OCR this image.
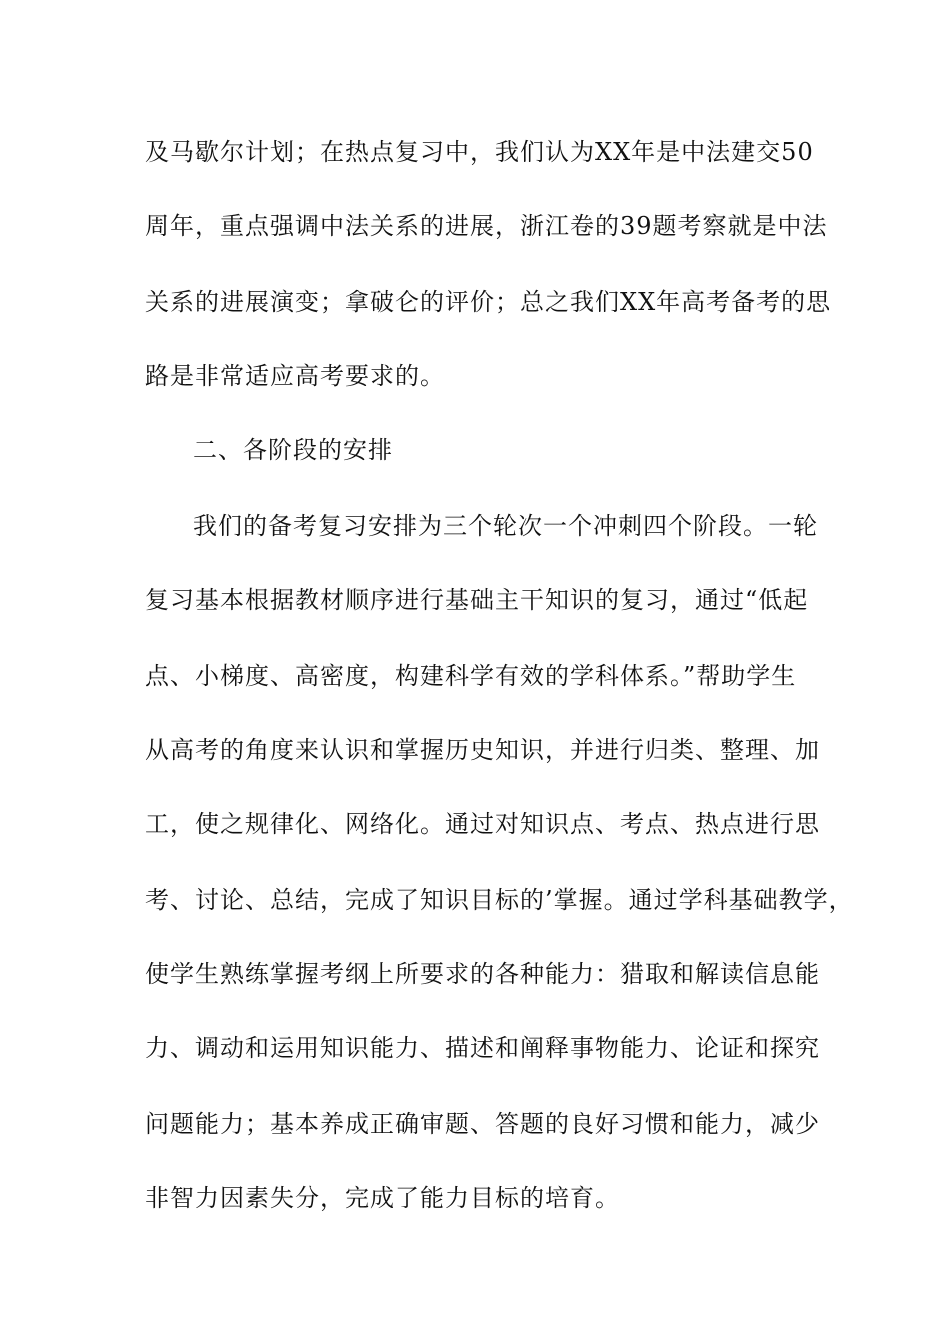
及马歇尔计划；在热点复习中，我们认为XX年是中法建交50
周年，重点强调中法关系的进展，浙江卷的39题考察就是中法
关系的进展演变；拿破仑的评价；总之我们XX年高考备考的思
路是非常适应高考要求的。
二、各阶段的安排
我们的备考复习安排为三个轮次一个冲刺四个阶段。一轮
复习基本根据教材顺序进行基础主干知识的复习，通过“低起
点、小梯度、高密度，构建科学有效的学科体系。”帮助学生
从高考的角度来认识和掌握历史知识，并进行归类、整理、加
工，使之规律化、网络化。通过对知识点、考点、热点进行思
考、讨论、总结，完成了知识目标的’掌握。通过学科基础教学，
使学生熟练掌握考纲上所要求的各种能力：猎取和解读信息能
力、调动和运用知识能力、描述和阐释事物能力、论证和探究
问题能力；基本养成正确审题、答题的良好习惯和能力，减少
非智力因素失分，完成了能力目标的培育。
